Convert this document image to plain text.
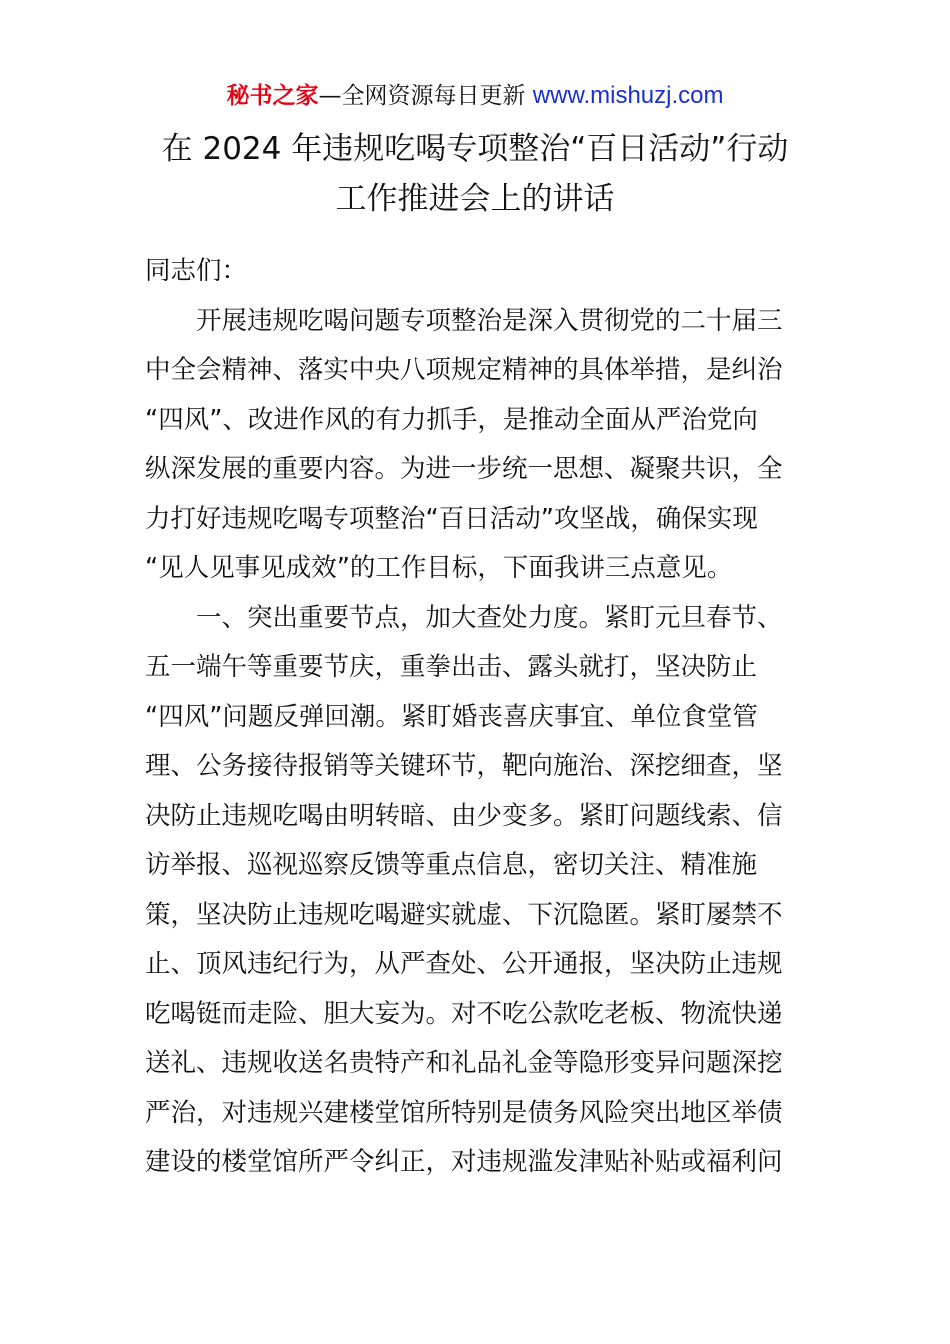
秘书之家—全网资源每日更新 www.mishuzj.com
在 2024 年违规吃喝专项整治“百日活动”行动
工作推进会上的讲话

同志们：

开展违规吃喝问题专项整治是深入贯彻党的二十届三
中全会精神、落实中央八项规定精神的具体举措，是纠治
“四风”、改进作风的有力抓手，是推动全面从严治党向
纵深发展的重要内容。为进一步统一思想、凝聚共识，全
力打好违规吃喝专项整治“百日活动”攻坚战，确保实现
“见人见事见成效”的工作目标，下面我讲三点意见。
一、突出重要节点，加大查处力度。紧盯元旦春节、
五一端午等重要节庆，重拳出击、露头就打，坚决防止
“四风”问题反弹回潮。紧盯婚丧喜庆事宜、单位食堂管
理、公务接待报销等关键环节，靶向施治、深挖细查，坚
决防止违规吃喝由明转暗、由少变多。紧盯问题线索、信
访举报、巡视巡察反馈等重点信息，密切关注、精准施
策，坚决防止违规吃喝避实就虚、下沉隐匿。紧盯屡禁不
止、顶风违纪行为，从严查处、公开通报，坚决防止违规
吃喝铤而走险、胆大妄为。对不吃公款吃老板、物流快递
送礼、违规收送名贵特产和礼品礼金等隐形变异问题深挖
严治，对违规兴建楼堂馆所特别是债务风险突出地区举债
建设的楼堂馆所严令纠正，对违规滥发津贴补贴或福利问
